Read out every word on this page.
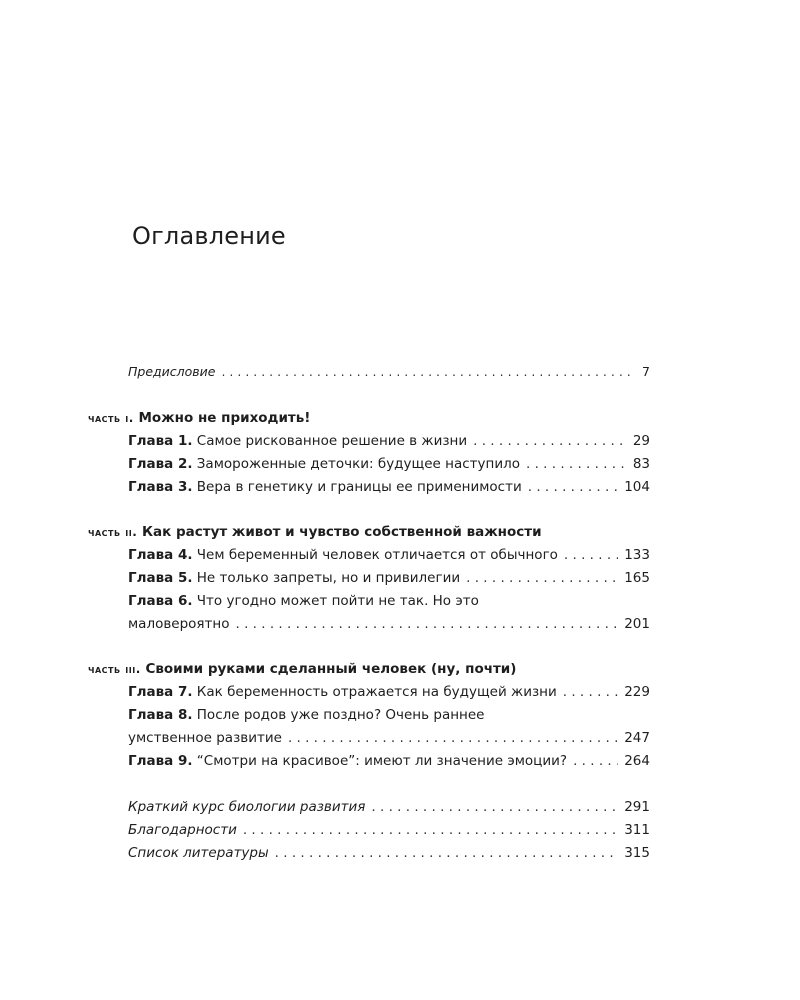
Оглавление
Предисловие . . .	7
часть i. Можно не приходить!
Глава 1. Самое рискованное решение в жизни . . .	29
Глава 2. Замороженные деточки: будущее наступило . . .	83
Глава 3. Вера в генетику и границы ее применимости . . .	104
часть ii. Как растут живот и чувство собственной важности
Глава 4. Чем беременный человек отличается от обычного . . .	133
Глава 5. Не только запреты, но и привилегии . . .	165
Глава 6. Что угодно может пойти не так. Но это
маловероятно . . .	201
часть iii. Своими руками сделанный человек (ну, почти)
Глава 7. Как беременность отражается на будущей жизни . . .	229
Глава 8. После родов уже поздно? Очень раннее
умственное развитие . . .	247
Глава 9. “Смотри на красивое”: имеют ли значение эмоции? . . .	264
Краткий курс биологии развития . . .	291
Благодарности . . .	311
Список литературы . . .	315
